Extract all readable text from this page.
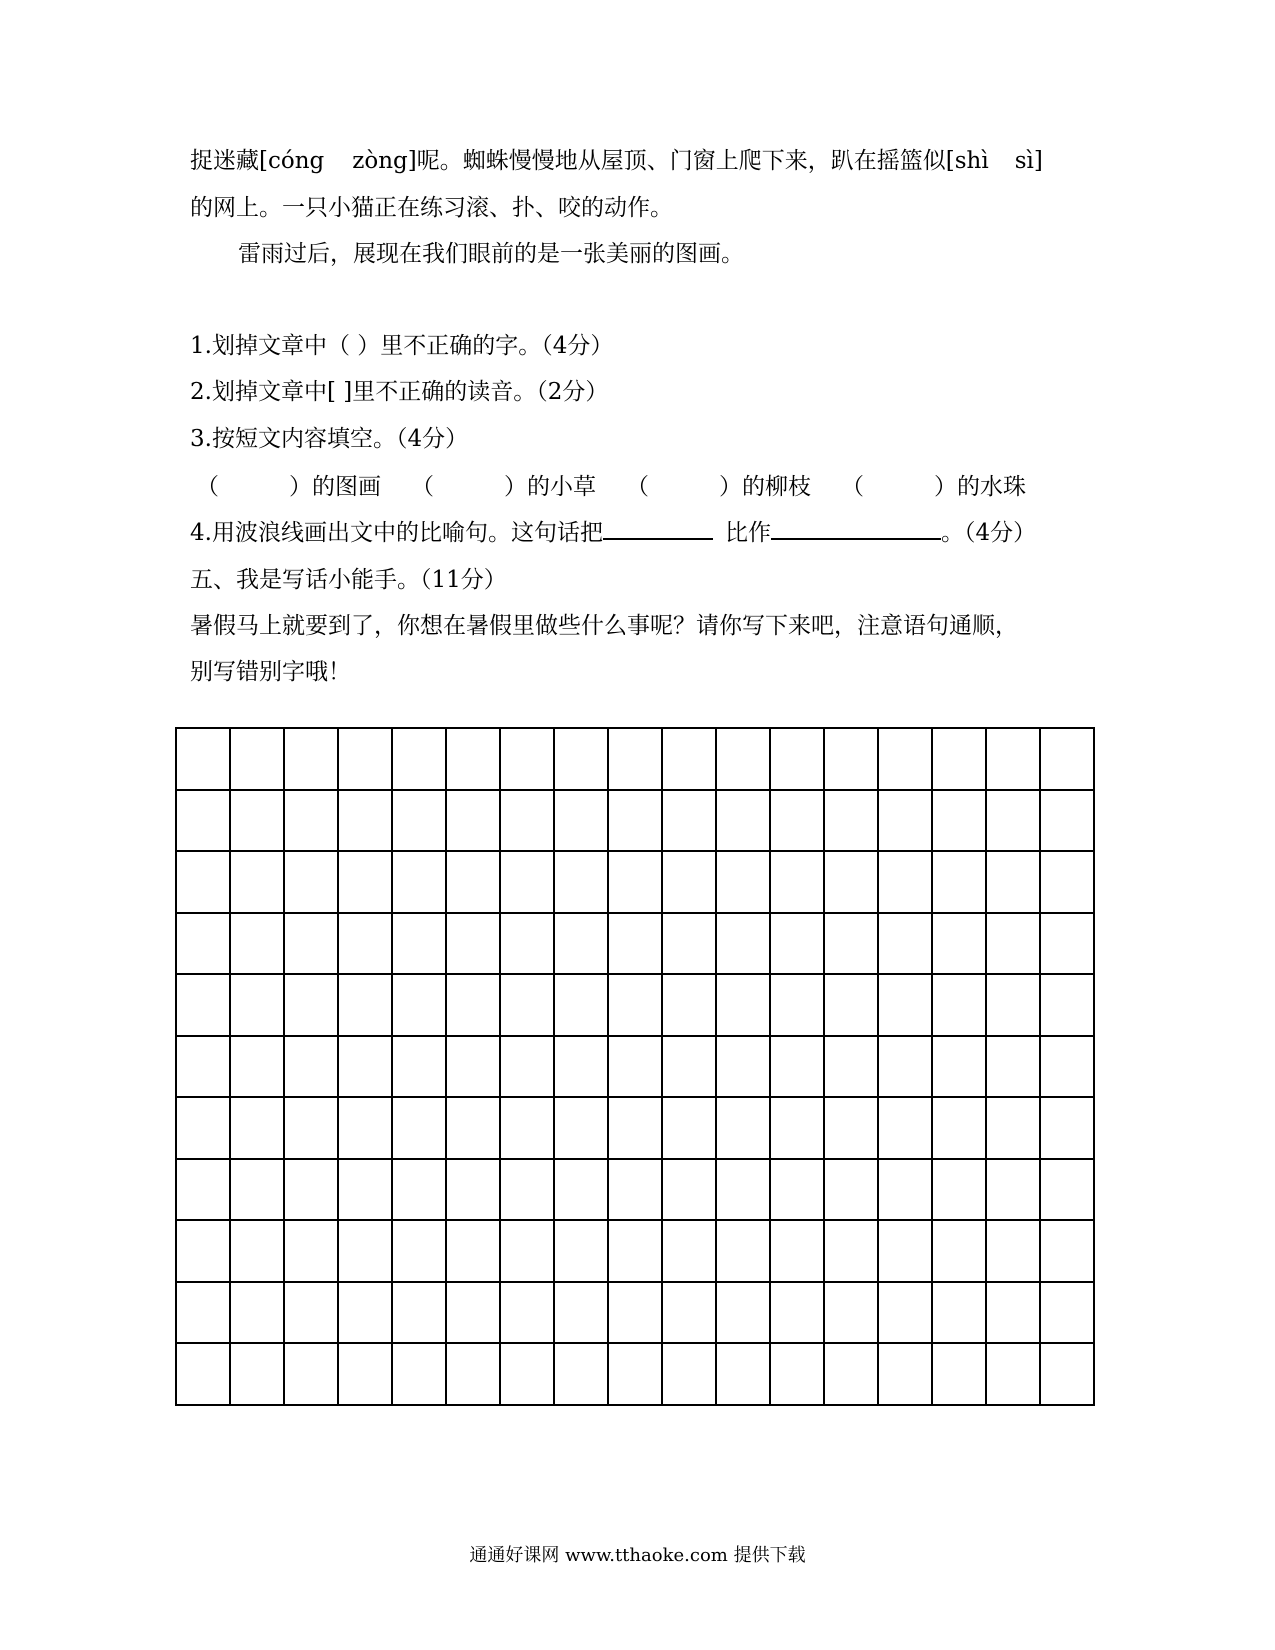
捉迷藏[cóng zòng]呢。蜘蛛慢慢地从屋顶、门窗上爬下来，趴在摇篮似[shì sì]
的网上。一只小猫正在练习滚、扑、咬的动作。
雷雨过后，展现在我们眼前的是一张美丽的图画。
1.划掉文章中（ ）里不正确的字。（4分）
2.划掉文章中[ ]里不正确的读音。（2分）
3.按短文内容填空。（4分）
（	）的图画 （	）的小草 （	）的柳枝 （	）的水珠
4.用波浪线画出文中的比喻句。这句话把	比作	。（4分）
五、我是写话小能手。（11分）
暑假马上就要到了，你想在暑假里做些什么事呢？请你写下来吧，注意语句通顺，
别写错别字哦！
通通好课网 www.tthaoke.com 提供下载
